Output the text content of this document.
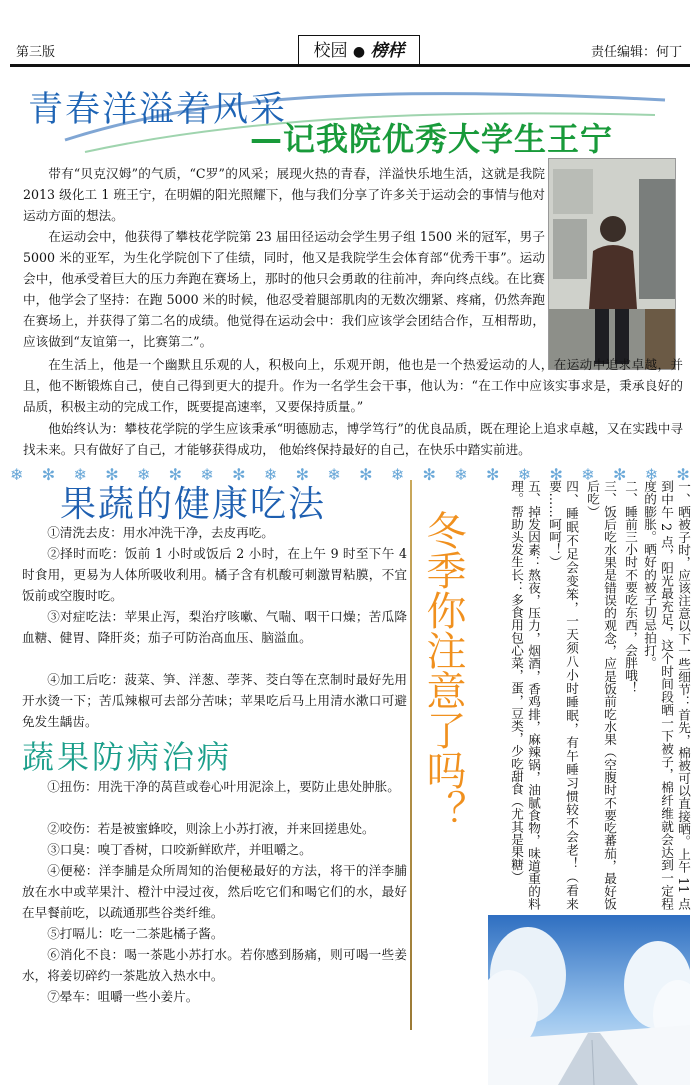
第三版	校园 ● 榜样	责任编辑：何丁
青春洋溢着风采
—记我院优秀大学生王宁

带有“贝克汉姆”的气质，“C罗”的风采；展现火热的青春，洋溢快乐地生活，这就是我院 2013 级化工 1 班王宁，在明媚的阳光照耀下，他与我们分享了许多关于运动会的事情与他对运动方面的想法。

在运动会中，他获得了攀枝花学院第 23 届田径运动会学生男子组 1500 米的冠军，男子 5000 米的亚军，为生化学院创下了佳绩，同时，他又是我院学生会体育部“优秀干事”。运动会中，他承受着巨大的压力奔跑在赛场上，那时的他只会勇敢的往前冲，奔向终点线。在比赛中，他学会了坚持：在跑 5000 米的时候，他忍受着腿部肌肉的无数次绷紧、疼痛，仍然奔跑在赛场上，并获得了第二名的成绩。他觉得在运动会中：我们应该学会团结合作，互相帮助，应该做到“友谊第一，比赛第二”。

在生活上，他是一个幽默且乐观的人，积极向上，乐观开朗，他也是一个热爱运动的人，在运动中追求卓越，并且，他不断锻炼自己，使自己得到更大的提升。作为一名学生会干事，他认为：“在工作中应该实事求是，秉承良好的品质，积极主动的完成工作，既要提高速率，又要保持质量。”

他始终认为：攀枝花学院的学生应该秉承“明德励志，博学笃行”的优良品质，既在理论上追求卓越，又在实践中寻找未来。只有做好了自己，才能够获得成功， 他始终保持最好的自己，在快乐中踏实前进。

❄ ✻ ❄ ✻ ❄ ✻ ❄ ✻ ❄ ✻ ❄ ✻ ❄ ✻ ❄ ✻ ❄ ✻ ❄ ✻ ❄ ✻
果蔬的健康吃法

①清洗去皮：用水冲洗干净，去皮再吃。

②择时而吃：饭前 1 小时或饭后 2 小时，在上午 9 时至下午 4 时食用，更易为人体所吸收利用。橘子含有机酸可刺激胃粘膜，不宜饭前或空腹时吃。

③对症吃法：苹果止泻，梨治疗咳嗽、气喘、咽干口燥；苦瓜降血糖、健胃、降肝炎；茄子可防治高血压、脑溢血。

④加工后吃：菠菜、笋、洋葱、荸荠、茭白等在烹制时最好先用开水烫一下；苦瓜辣椒可去部分苦味；苹果吃后马上用清水漱口可避免发生龋齿。

蔬果防病治病

①扭伤：用洗干净的莴苣或卷心叶用泥涂上，要防止患处肿胀。

②咬伤：若是被蜜蜂咬，则涂上小苏打液，并来回搓患处。

③口臭：嗅丁香树，口咬新鲜欧芹，并咀嚼之。

④便秘：洋李脯是众所周知的治便秘最好的方法，将干的洋李脯放在水中或苹果汁、橙汁中浸过夜，然后吃它们和喝它们的水，最好在早餐前吃，以疏通那些谷类纤维。

⑤打嗝儿：吃一二茶匙橘子酱。

⑥消化不良：喝一茶匙小苏打水。若你感到肠痛，则可喝一些姜水，将姜切碎约一茶匙放入热水中。

⑦晕车：咀嚼一些小姜片。

冬季你注意了吗？	一、晒被子时，应该注意以下一些细节：首先，棉被可以直接晒。上午 11 点到中午 2 点，阳光最充足，这个时间段晒一下被子，棉纤维就会达到一定程度的膨胀。晒好的被子切忌拍打。

二、睡前三小时不要吃东西，会胖哦！

三、饭后吃水果是错误的观念，应是饭前吃水果（空腹时不要吃蕃茄，最好饭后吃）

四、睡眠不足会变笨，一天须八小时睡眠，有午睡习惯较不会老！（看来要……呵呵！）

五、掉发因素：熬夜，压力，烟酒，香鸡排，麻辣锅，油腻食物，味道重的料理。帮助头发生长：多食用包心菜，蛋，豆类，少吃甜食（尤其是果糖）
